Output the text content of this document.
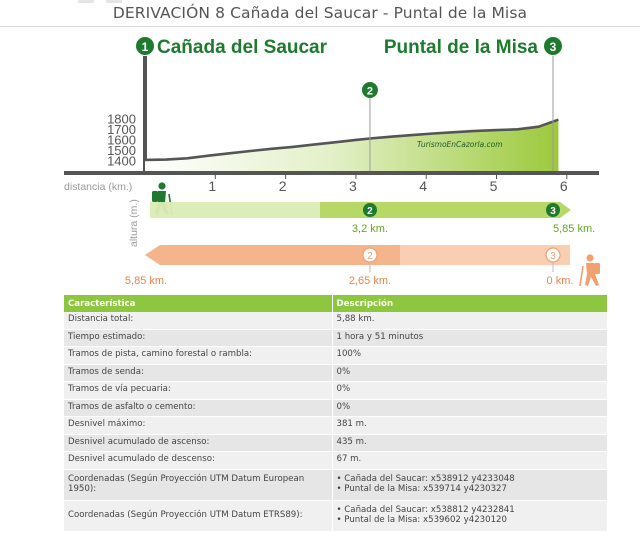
DERIVACIÓN 8 Cañada del Saucar - Puntal de la Misa
1 Cañada del Saucar	Puntal de la Misa 3
1800
1700
1600
1500
1400
2
TurismoEnCazorla.com
1	2	3	4	5	6
distancia (km.)
altura (m.)	2	3
3,2 km.	5,85 km.
2	3
5,85 km.	2,65 km.	0 km.
Característica	Descripción
Distancia total:	5,88 km.
Tiempo estimado:	1 hora y 51 minutos
Tramos de pista, camino forestal o rambla:	100%
Tramos de senda:	0%
Tramos de vía pecuaria:	0%
Tramos de asfalto o cemento:	0%
Desnivel máximo:	381 m.
Desnivel acumulado de ascenso:	435 m.
Desnivel acumulado de descenso:	67 m.
Coordenadas (Según Proyección UTM Datum European 1950):	• Cañada del Saucar: x538912 y4233048
• Puntal de la Misa: x539714 y4230327

Coordenadas (Según Proyección UTM Datum ETRS89):	• Cañada del Saucar: x538812 y4232841
• Puntal de la Misa: x539602 y4230120
